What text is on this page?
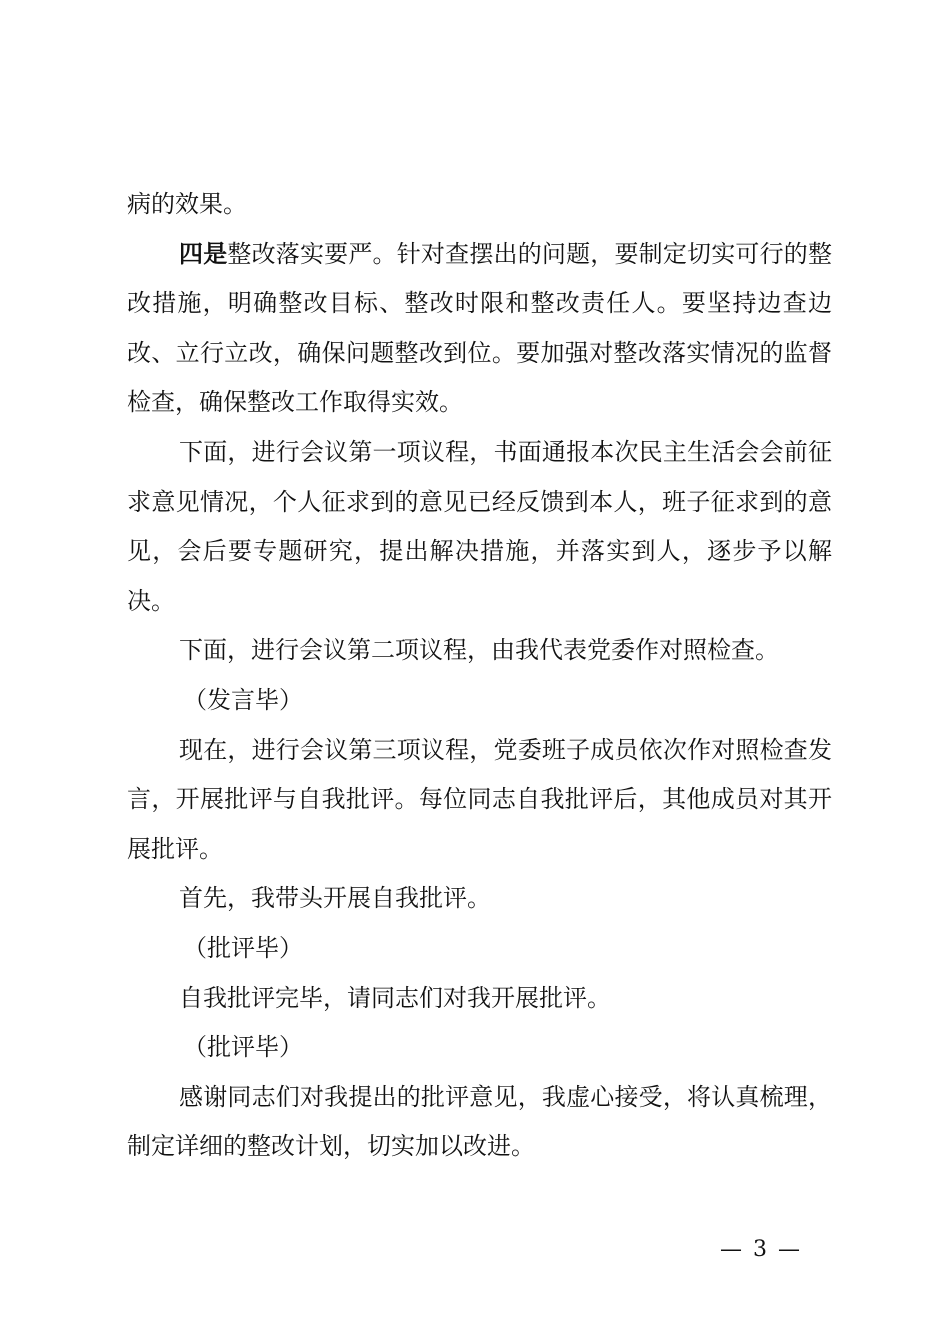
病的效果。

四是整改落实要严。针对查摆出的问题，要制定切实可行的整改措施，明确整改目标、整改时限和整改责任人。要坚持边查边改、立行立改，确保问题整改到位。要加强对整改落实情况的监督检查，确保整改工作取得实效。

下面，进行会议第一项议程，书面通报本次民主生活会会前征求意见情况，个人征求到的意见已经反馈到本人，班子征求到的意见，会后要专题研究，提出解决措施，并落实到人，逐步予以解决。

下面，进行会议第二项议程，由我代表党委作对照检查。

（发言毕）

现在，进行会议第三项议程，党委班子成员依次作对照检查发言，开展批评与自我批评。每位同志自我批评后，其他成员对其开展批评。

首先，我带头开展自我批评。

（批评毕）

自我批评完毕，请同志们对我开展批评。

（批评毕）

感谢同志们对我提出的批评意见，我虚心接受，将认真梳理，制定详细的整改计划，切实加以改进。

— 3 —
